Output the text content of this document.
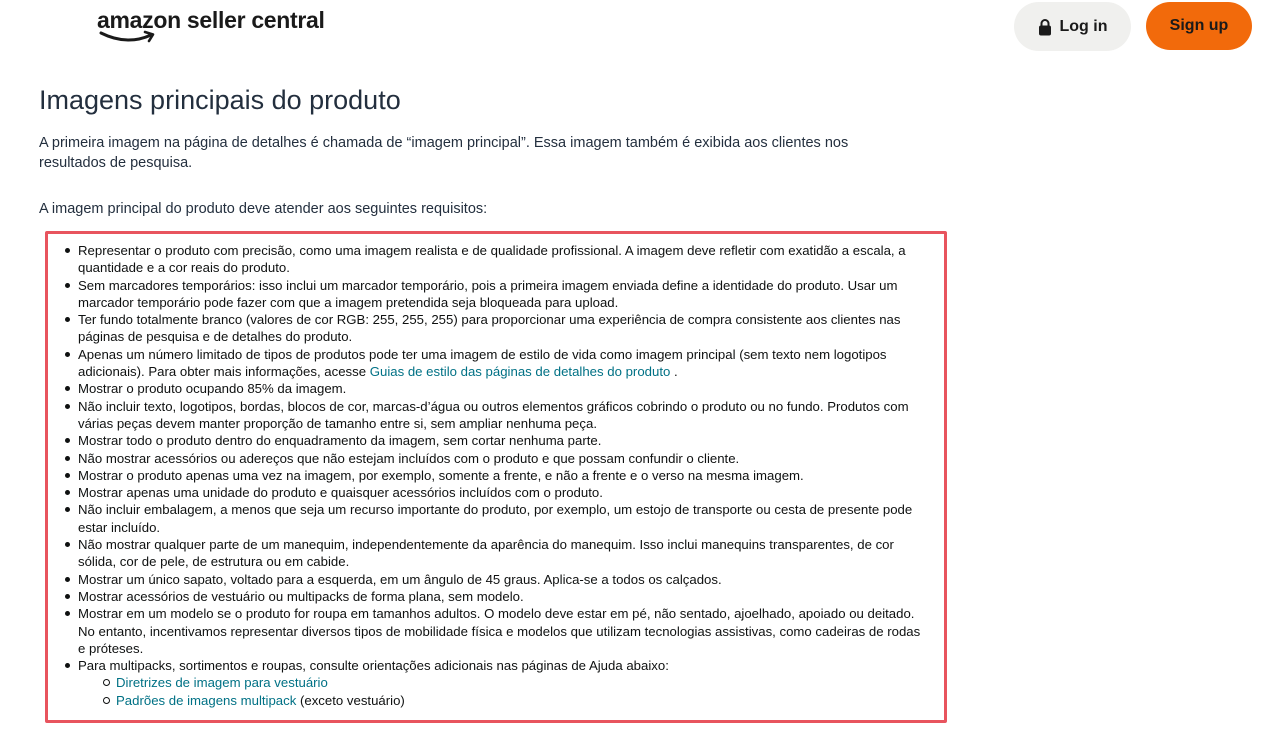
amazon seller central	Log in	Sign up
Imagens principais do produto

A primeira imagem na página de detalhes é chamada de “imagem principal”. Essa imagem também é exibida aos clientes nos resultados de pesquisa.

A imagem principal do produto deve atender aos seguintes requisitos:

Representar o produto com precisão, como uma imagem realista e de qualidade profissional. A imagem deve refletir com exatidão a escala, a quantidade e a cor reais do produto.
Sem marcadores temporários: isso inclui um marcador temporário, pois a primeira imagem enviada define a identidade do produto. Usar um marcador temporário pode fazer com que a imagem pretendida seja bloqueada para upload.
Ter fundo totalmente branco (valores de cor RGB: 255, 255, 255) para proporcionar uma experiência de compra consistente aos clientes nas páginas de pesquisa e de detalhes do produto.
Apenas um número limitado de tipos de produtos pode ter uma imagem de estilo de vida como imagem principal (sem texto nem logotipos adicionais). Para obter mais informações, acesse Guias de estilo das páginas de detalhes do produto .
Mostrar o produto ocupando 85% da imagem.
Não incluir texto, logotipos, bordas, blocos de cor, marcas-d’água ou outros elementos gráficos cobrindo o produto ou no fundo. Produtos com várias peças devem manter proporção de tamanho entre si, sem ampliar nenhuma peça.
Mostrar todo o produto dentro do enquadramento da imagem, sem cortar nenhuma parte.
Não mostrar acessórios ou adereços que não estejam incluídos com o produto e que possam confundir o cliente.
Mostrar o produto apenas uma vez na imagem, por exemplo, somente a frente, e não a frente e o verso na mesma imagem.
Mostrar apenas uma unidade do produto e quaisquer acessórios incluídos com o produto.
Não incluir embalagem, a menos que seja um recurso importante do produto, por exemplo, um estojo de transporte ou cesta de presente pode estar incluído.
Não mostrar qualquer parte de um manequim, independentemente da aparência do manequim. Isso inclui manequins transparentes, de cor sólida, cor de pele, de estrutura ou em cabide.
Mostrar um único sapato, voltado para a esquerda, em um ângulo de 45 graus. Aplica-se a todos os calçados.
Mostrar acessórios de vestuário ou multipacks de forma plana, sem modelo.
Mostrar em um modelo se o produto for roupa em tamanhos adultos. O modelo deve estar em pé, não sentado, ajoelhado, apoiado ou deitado. No entanto, incentivamos representar diversos tipos de mobilidade física e modelos que utilizam tecnologias assistivas, como cadeiras de rodas e próteses.
Para multipacks, sortimentos e roupas, consulte orientações adicionais nas páginas de Ajuda abaixo:
Diretrizes de imagem para vestuário
Padrões de imagens multipack (exceto vestuário)
